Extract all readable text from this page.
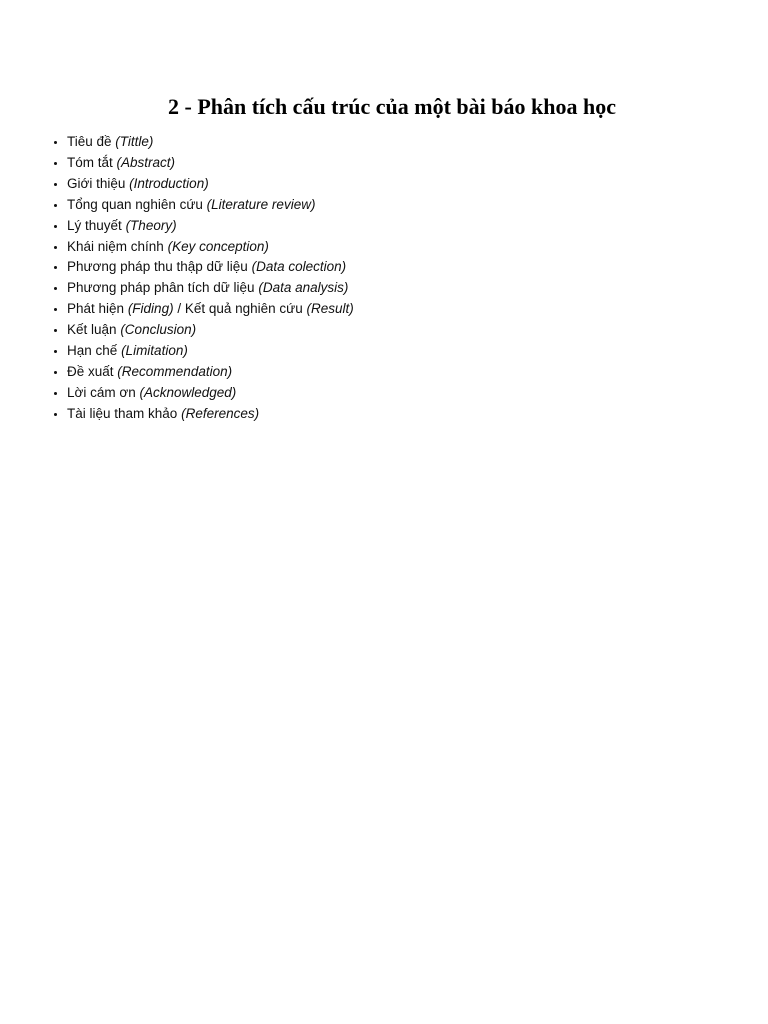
2 - Phân tích cấu trúc của một bài báo khoa học
• Tiêu đề (Tittle)
• Tóm tắt (Abstract)
• Giới thiệu (Introduction)
• Tổng quan nghiên cứu (Literature review)
• Lý thuyết (Theory)
• Khái niệm chính (Key conception)
• Phương pháp thu thập dữ liệu (Data colection)
• Phương pháp phân tích dữ liệu (Data analysis)
• Phát hiện (Fiding) / Kết quả nghiên cứu (Result)
• Kết luận (Conclusion)
• Hạn chế (Limitation)
• Đề xuất (Recommendation)
• Lời cám ơn (Acknowledged)
• Tài liệu tham khảo (References)
